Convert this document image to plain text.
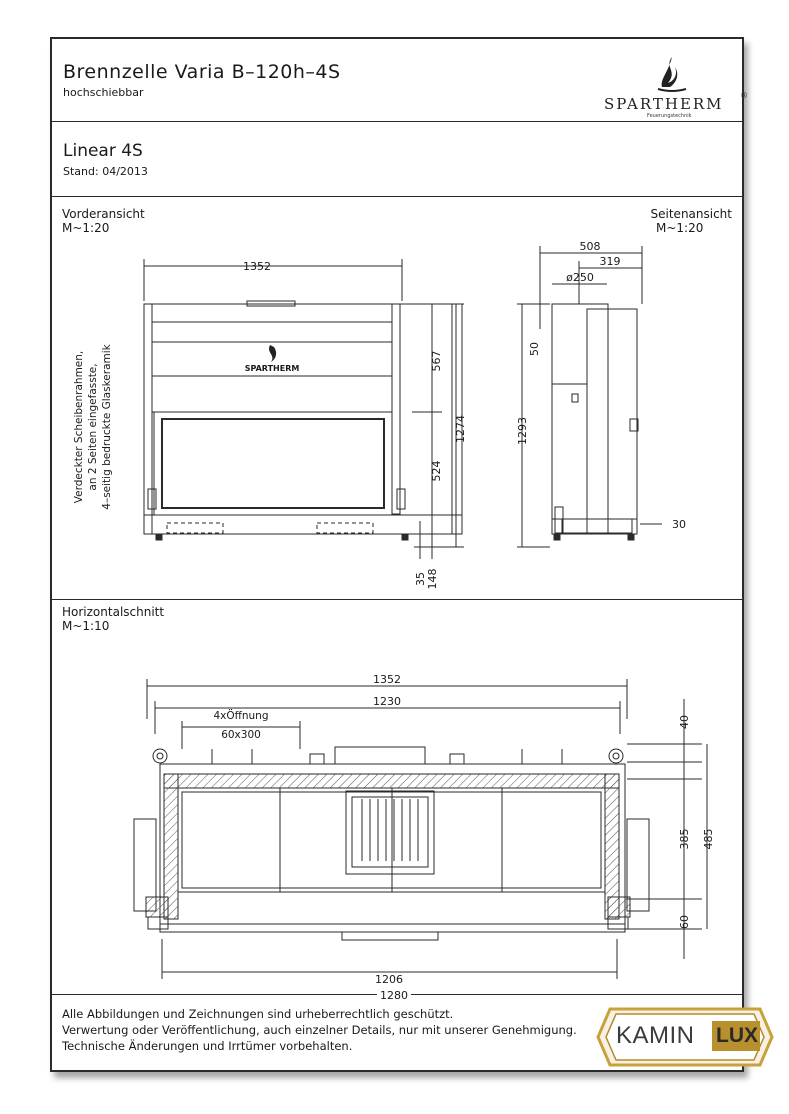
Brennzelle Varia B–120h–4S
hochschiebbar
SPARTHERM ®
Feuerungstechnik
Linear 4S
Stand: 04/2013
Vorderansicht
M~1:20
Seitenansicht
M~1:20
Horizontalschnitt
M~1:10
Alle Abbildungen und Zeichnungen sind urheberrechtlich geschützt.
Verwertung oder Veröffentlichung, auch einzelner Details, nur mit unserer Genehmigung.
Technische Änderungen und Irrtümer vorbehalten.
1352
567
524
1274
35 148
508
319
ø250
50
1293
30
Verdeckter Scheibenrahmen, an 2 Seiten eingefasste, 4–seitig bedruckte Glaskeramik	SPARTHERM
1352
1230
4xÖffnung
60x300
40
385 485
60
1206
1280
KAMIN LUX
